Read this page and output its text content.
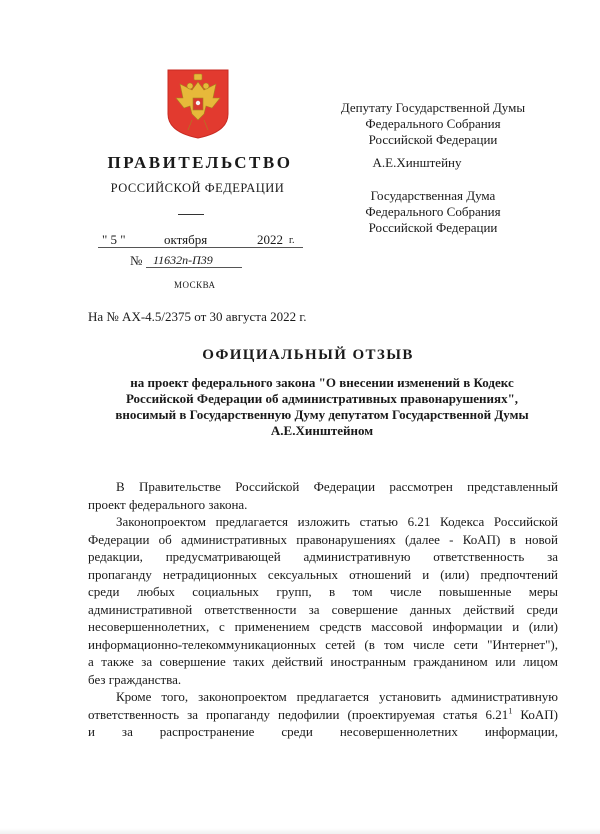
ПРАВИТЕЛЬСТВО
РОССИЙСКОЙ ФЕДЕРАЦИИ
" 5 "	октября	2022 г.
№ 11632п-П39
МОСКВА
На № АХ-4.5/2375 от 30 августа 2022 г.
Депутату Государственной Думы
Федерального Собрания
Российской Федерации
А.Е.Хинштейну
Государственная Дума
Федерального Собрания
Российской Федерации
ОФИЦИАЛЬНЫЙ ОТЗЫВ
на проект федерального закона "О внесении изменений в Кодекс
Российской Федерации об административных правонарушениях",
вносимый в Государственную Думу депутатом Государственной Думы
А.Е.Хинштейном
В Правительстве Российской Федерации рассмотрен представленный
проект федерального закона.
Законопроектом предлагается изложить статью 6.21 Кодекса Российской
Федерации об административных правонарушениях (далее - КоАП) в новой
редакции, предусматривающей административную ответственность за
пропаганду нетрадиционных сексуальных отношений и (или) предпочтений
среди любых социальных групп, в том числе повышенные меры
административной ответственности за совершение данных действий среди
несовершеннолетних, с применением средств массовой информации и (или)
информационно-телекоммуникационных сетей (в том числе сети "Интернет"),
а также за совершение таких действий иностранным гражданином или лицом
без гражданства.
Кроме того, законопроектом предлагается установить административную
ответственность за пропаганду педофилии (проектируемая статья 6.21$^1$ КоАП)
и за распространение среди несовершеннолетних информации,
